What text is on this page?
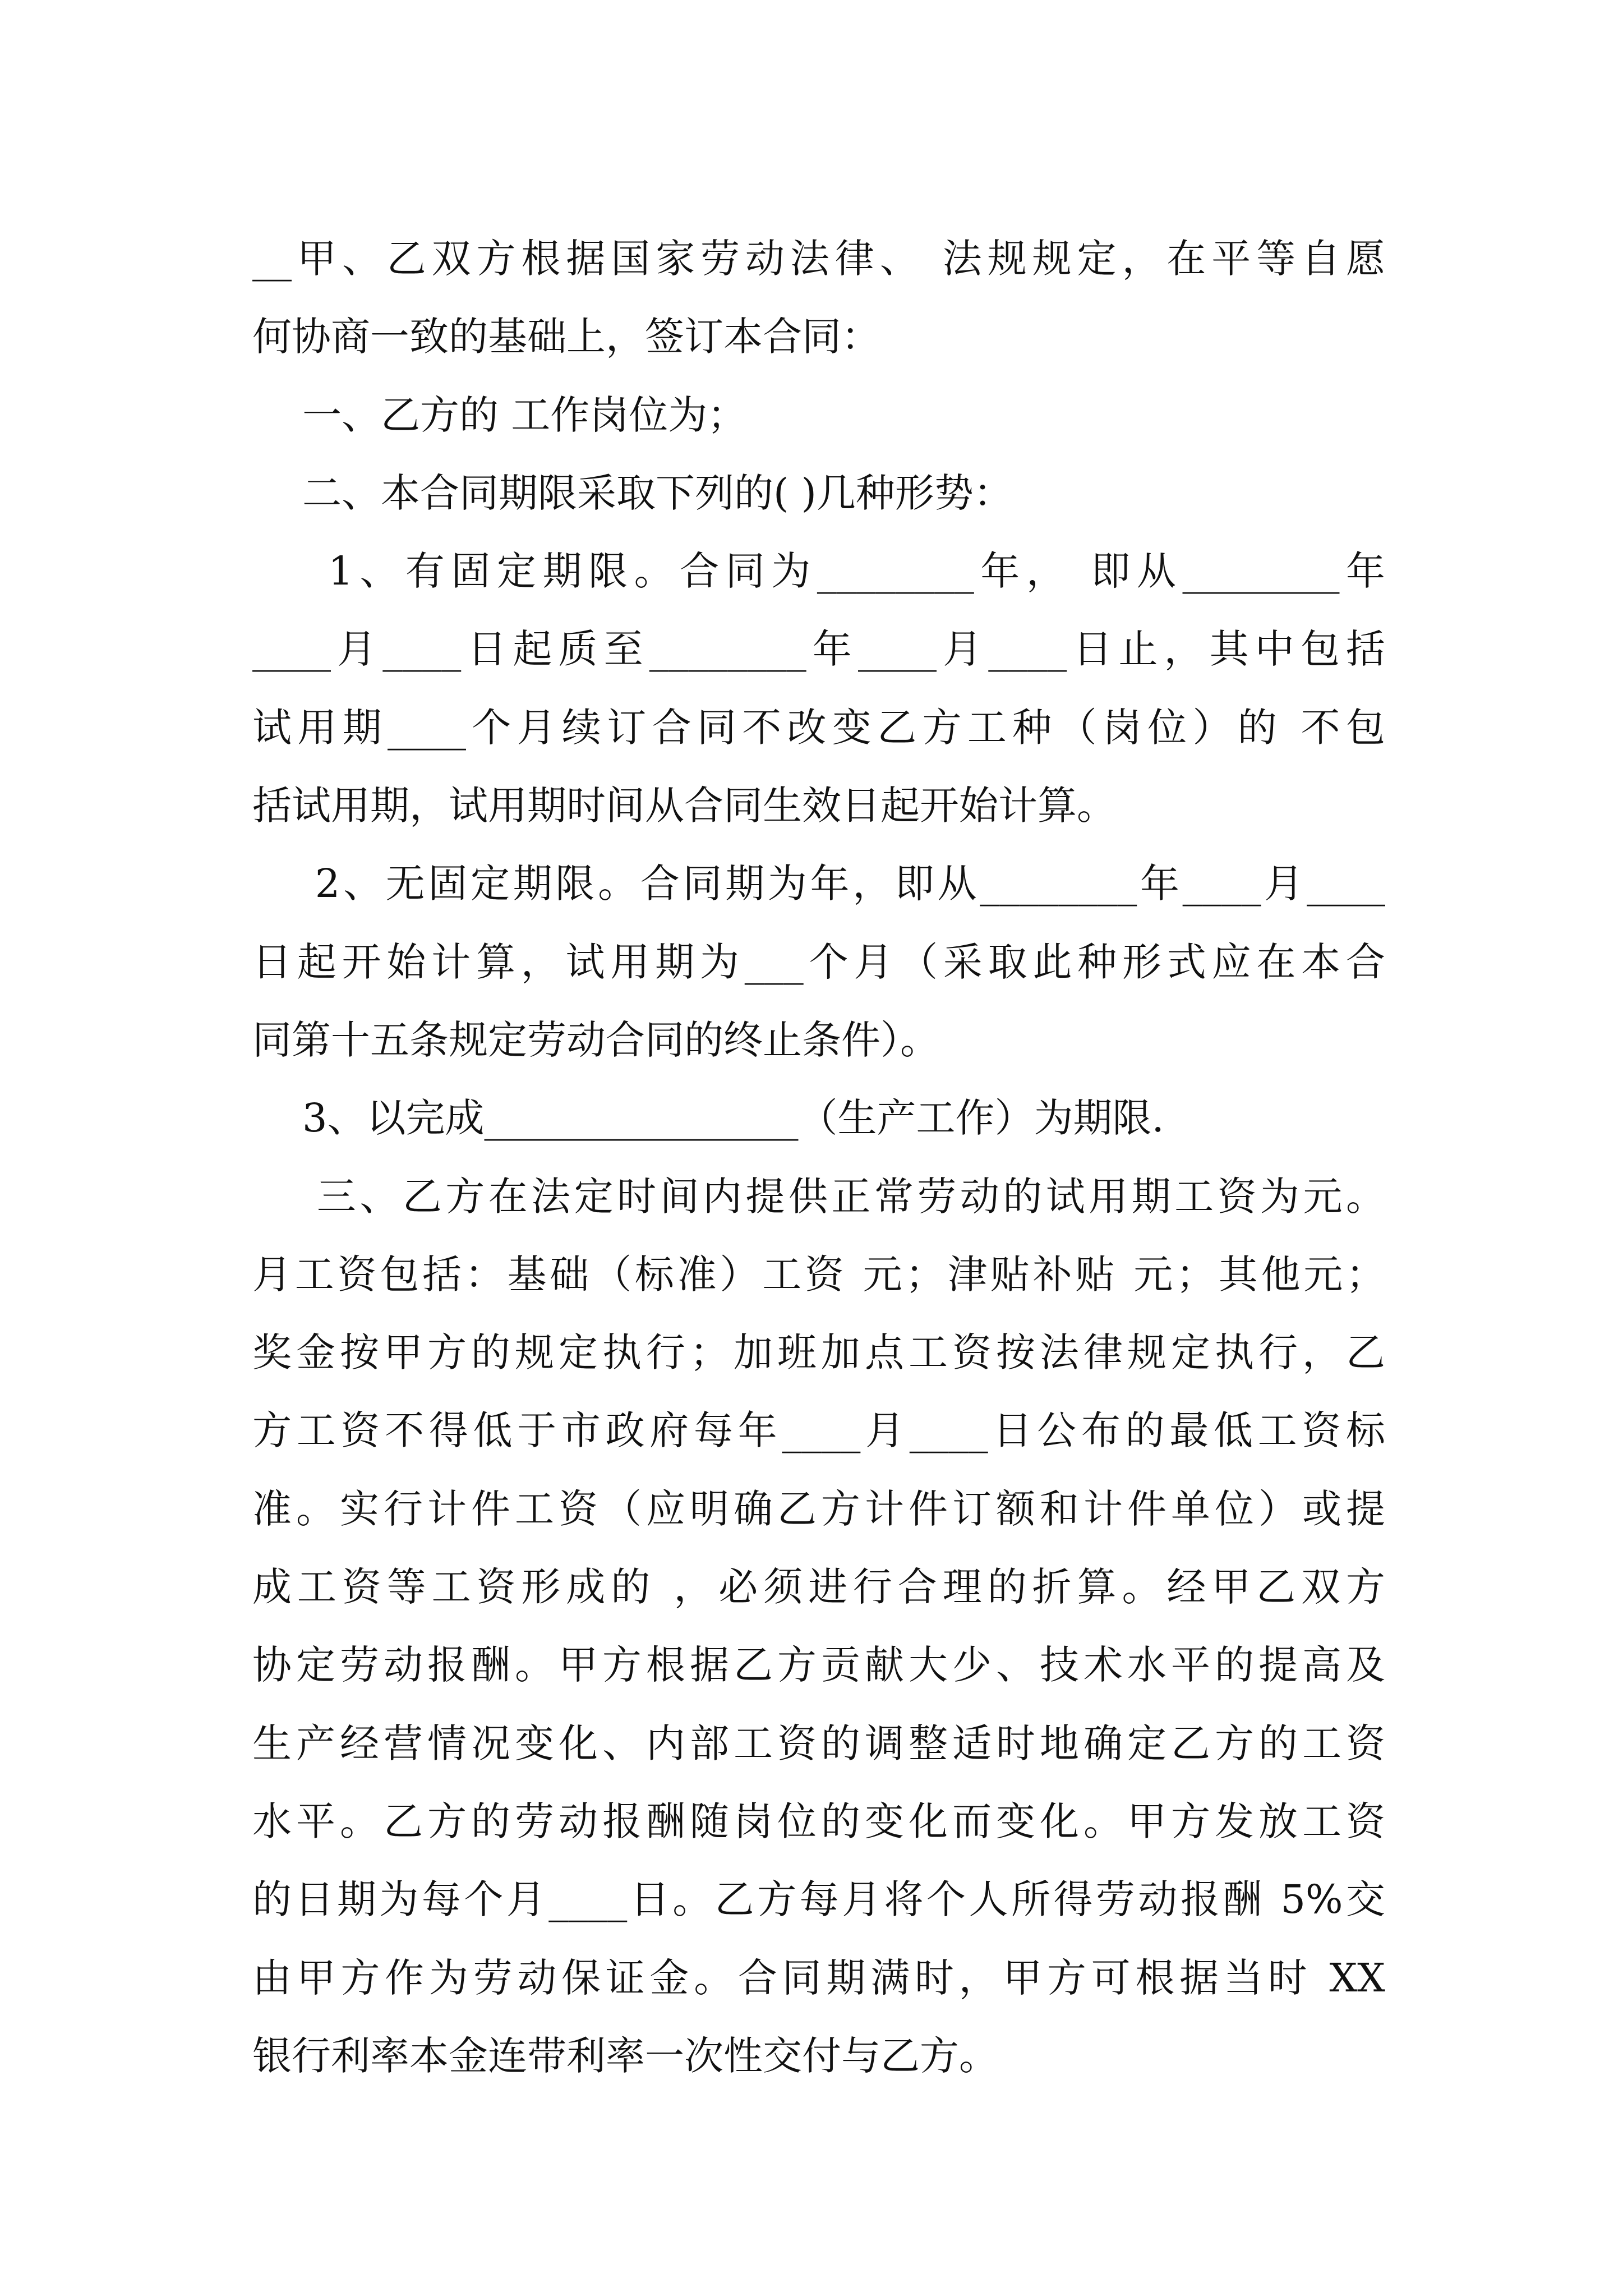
__甲、乙双方根据国家劳动法律、 法规规定，在平等自愿
何协商一致的基础上，签订本合同：
一、乙方的 工作岗位为；
二、本合同期限采取下列的( )几种形势：
1、有固定期限。合同为________年， 即从________年
____月____日起质至________年____月____日止，其中包括
试用期____个月续订合同不改变乙方工种（岗位）的 不包
括试用期，试用期时间从合同生效日起开始计算。
2、无固定期限。合同期为年，即从________年____月____
日起开始计算，试用期为___个月（采取此种形式应在本合
同第十五条规定劳动合同的终止条件）。
3、以完成________________（生产工作）为期限.
三、乙方在法定时间内提供正常劳动的试用期工资为元。
月工资包括：基础（标准）工资 元；津贴补贴 元；其他元；
奖金按甲方的规定执行；加班加点工资按法律规定执行，乙
方工资不得低于市政府每年____月____日公布的最低工资标
准。实行计件工资（应明确乙方计件订额和计件单位）或提
成工资等工资形成的 ，必须进行合理的折算。经甲乙双方
协定劳动报酬。甲方根据乙方贡献大少、技术水平的提高及
生产经营情况变化、内部工资的调整适时地确定乙方的工资
水平。乙方的劳动报酬随岗位的变化而变化。甲方发放工资
的日期为每个月____日。乙方每月将个人所得劳动报酬 5%交
由甲方作为劳动保证金。合同期满时，甲方可根据当时 XX
银行利率本金连带利率一次性交付与乙方。
